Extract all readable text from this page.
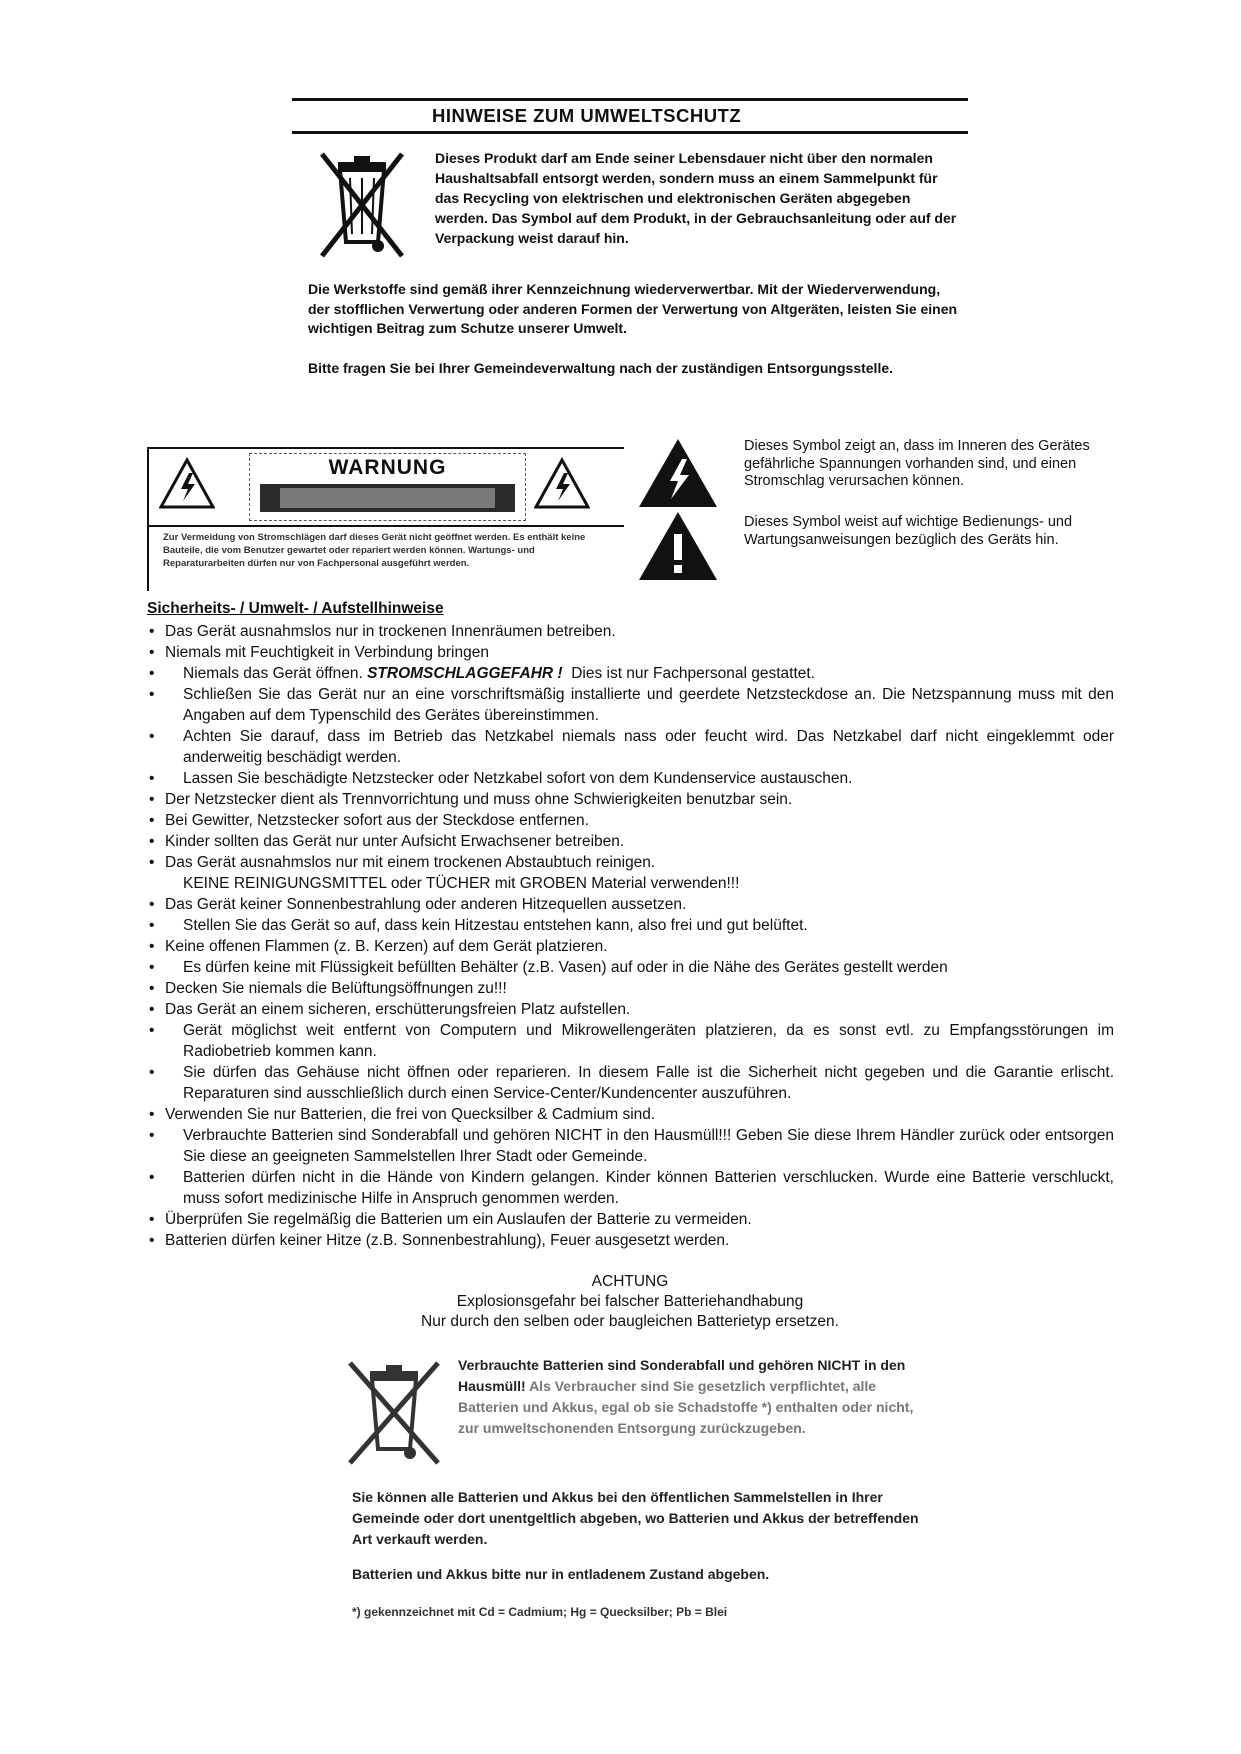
HINWEISE ZUM UMWELTSCHUTZ
Dieses Produkt darf am Ende seiner Lebensdauer nicht über den normalen Haushaltsabfall entsorgt werden, sondern muss an einem Sammelpunkt für das Recycling von elektrischen und elektronischen Geräten abgegeben werden. Das Symbol auf dem Produkt, in der Gebrauchsanleitung oder auf der Verpackung weist darauf hin.

Die Werkstoffe sind gemäß ihrer Kennzeichnung wiederverwertbar. Mit der Wiederverwendung, der stofflichen Verwertung oder anderen Formen der Verwertung von Altgeräten, leisten Sie einen wichtigen Beitrag zum Schutze unserer Umwelt.

Bitte fragen Sie bei Ihrer Gemeindeverwaltung nach der zuständigen Entsorgungsstelle.

WARNUNG
Zur Vermeidung von Stromschlägen darf dieses Gerät nicht geöffnet werden. Es enthält keine Bauteile, die vom Benutzer gewartet oder repariert werden können. Wartungs- und Reparaturarbeiten dürfen nur von Fachpersonal ausgeführt werden.
Dieses Symbol zeigt an, dass im Inneren des Gerätes gefährliche Spannungen vorhanden sind, und einen Stromschlag verursachen können.
Dieses Symbol weist auf wichtige Bedienungs- und Wartungsanweisungen bezüglich des Geräts hin.
Sicherheits- / Umwelt- / Aufstellhinweise
• Das Gerät ausnahmslos nur in trockenen Innenräumen betreiben.
• Niemals mit Feuchtigkeit in Verbindung bringen
• Niemals das Gerät öffnen. STROMSCHLAGGEFAHR ! Dies ist nur Fachpersonal gestattet.
• Schließen Sie das Gerät nur an eine vorschriftsmäßig installierte und geerdete Netzsteckdose an. Die Netzspannung muss mit den Angaben auf dem Typenschild des Gerätes übereinstimmen.
• Achten Sie darauf, dass im Betrieb das Netzkabel niemals nass oder feucht wird. Das Netzkabel darf nicht eingeklemmt oder anderweitig beschädigt werden.
• Lassen Sie beschädigte Netzstecker oder Netzkabel sofort von dem Kundenservice austauschen.
• Der Netzstecker dient als Trennvorrichtung und muss ohne Schwierigkeiten benutzbar sein.
• Bei Gewitter, Netzstecker sofort aus der Steckdose entfernen.
• Kinder sollten das Gerät nur unter Aufsicht Erwachsener betreiben.
• Das Gerät ausnahmslos nur mit einem trockenen Abstaubtuch reinigen.
KEINE REINIGUNGSMITTEL oder TÜCHER mit GROBEN Material verwenden!!!
• Das Gerät keiner Sonnenbestrahlung oder anderen Hitzequellen aussetzen.
• Stellen Sie das Gerät so auf, dass kein Hitzestau entstehen kann, also frei und gut belüftet.
• Keine offenen Flammen (z. B. Kerzen) auf dem Gerät platzieren.
• Es dürfen keine mit Flüssigkeit befüllten Behälter (z.B. Vasen) auf oder in die Nähe des Gerätes gestellt werden
• Decken Sie niemals die Belüftungsöffnungen zu!!!
• Das Gerät an einem sicheren, erschütterungsfreien Platz aufstellen.
• Gerät möglichst weit entfernt von Computern und Mikrowellengeräten platzieren, da es sonst evtl. zu Empfangsstörungen im Radiobetrieb kommen kann.
• Sie dürfen das Gehäuse nicht öffnen oder reparieren. In diesem Falle ist die Sicherheit nicht gegeben und die Garantie erlischt. Reparaturen sind ausschließlich durch einen Service-Center/Kundencenter auszuführen.
• Verwenden Sie nur Batterien, die frei von Quecksilber & Cadmium sind.
• Verbrauchte Batterien sind Sonderabfall und gehören NICHT in den Hausmüll!!! Geben Sie diese Ihrem Händler zurück oder entsorgen Sie diese an geeigneten Sammelstellen Ihrer Stadt oder Gemeinde.
• Batterien dürfen nicht in die Hände von Kindern gelangen. Kinder können Batterien verschlucken. Wurde eine Batterie verschluckt, muss sofort medizinische Hilfe in Anspruch genommen werden.
• Überprüfen Sie regelmäßig die Batterien um ein Auslaufen der Batterie zu vermeiden.
• Batterien dürfen keiner Hitze (z.B. Sonnenbestrahlung), Feuer ausgesetzt werden.
ACHTUNG
Explosionsgefahr bei falscher Batteriehandhabung
Nur durch den selben oder baugleichen Batterietyp ersetzen.
Verbrauchte Batterien sind Sonderabfall und gehören NICHT in den Hausmüll! Als Verbraucher sind Sie gesetzlich verpflichtet, alle Batterien und Akkus, egal ob sie Schadstoffe *) enthalten oder nicht, zur umweltschonenden Entsorgung zurückzugeben.

Sie können alle Batterien und Akkus bei den öffentlichen Sammelstellen in Ihrer Gemeinde oder dort unentgeltlich abgeben, wo Batterien und Akkus der betreffenden Art verkauft werden.

Batterien und Akkus bitte nur in entladenem Zustand abgeben.

*) gekennzeichnet mit Cd = Cadmium; Hg = Quecksilber; Pb = Blei
